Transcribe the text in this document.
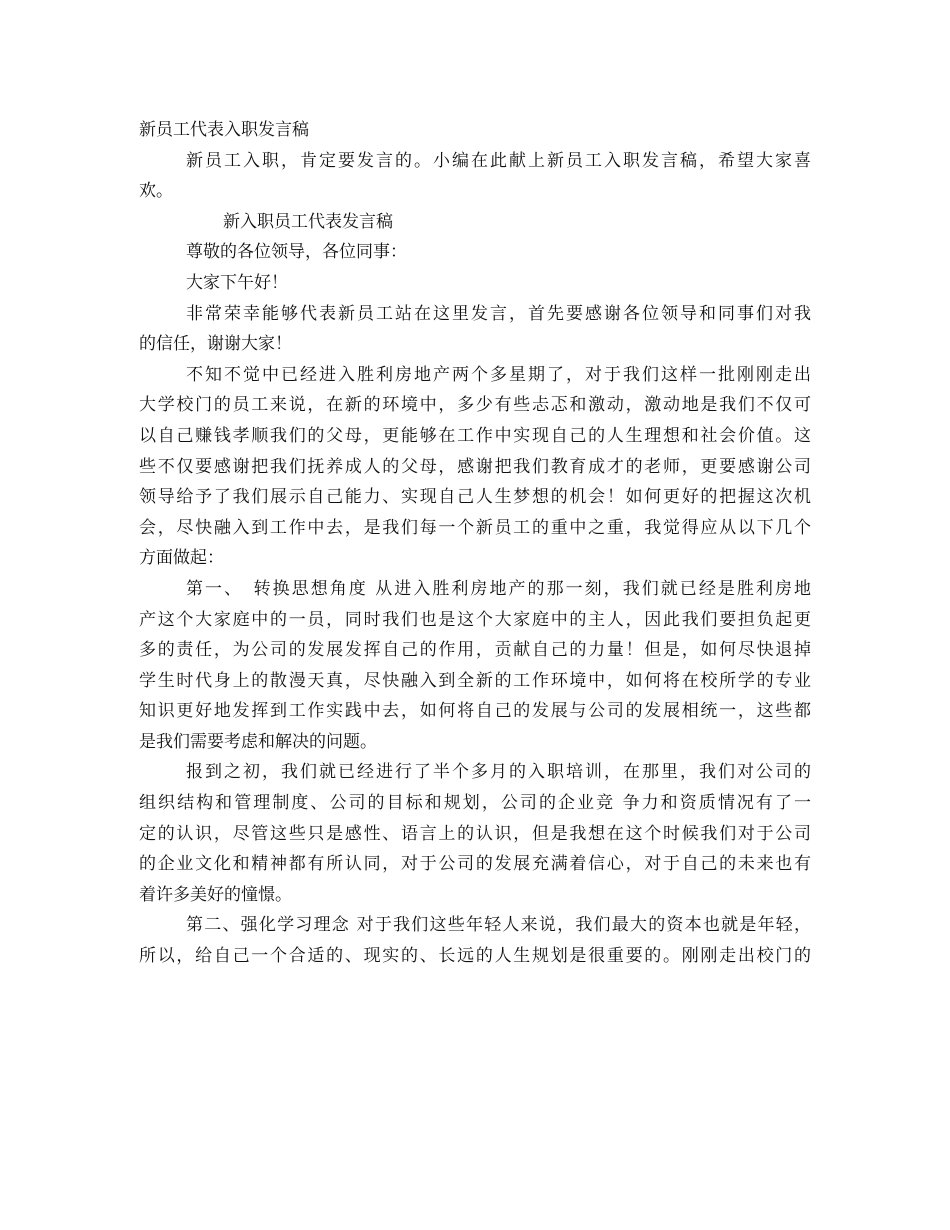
新员工代表入职发言稿
新员工入职，肯定要发言的。小编在此献上新员工入职发言稿，希望大家喜
欢。
新入职员工代表发言稿
尊敬的各位领导，各位同事：
大家下午好！
非常荣幸能够代表新员工站在这里发言，首先要感谢各位领导和同事们对我
的信任，谢谢大家！
不知不觉中已经进入胜利房地产两个多星期了，对于我们这样一批刚刚走出
大学校门的员工来说，在新的环境中，多少有些忐忑和激动，激动地是我们不仅可
以自己赚钱孝顺我们的父母，更能够在工作中实现自己的人生理想和社会价值。这
些不仅要感谢把我们抚养成人的父母，感谢把我们教育成才的老师，更要感谢公司
领导给予了我们展示自己能力、实现自己人生梦想的机会！如何更好的把握这次机
会，尽快融入到工作中去，是我们每一个新员工的重中之重，我觉得应从以下几个
方面做起：
第一、　转换思想角度 从进入胜利房地产的那一刻，我们就已经是胜利房地
产这个大家庭中的一员，同时我们也是这个大家庭中的主人，因此我们要担负起更
多的责任，为公司的发展发挥自己的作用，贡献自己的力量！但是，如何尽快退掉
学生时代身上的散漫天真，尽快融入到全新的工作环境中，如何将在校所学的专业
知识更好地发挥到工作实践中去，如何将自己的发展与公司的发展相统一，这些都
是我们需要考虑和解决的问题。
报到之初，我们就已经进行了半个多月的入职培训，在那里，我们对公司的
组织结构和管理制度、公司的目标和规划，公司的企业竞 争力和资质情况有了一
定的认识，尽管这些只是感性、语言上的认识，但是我想在这个时候我们对于公司
的企业文化和精神都有所认同，对于公司的发展充满着信心，对于自己的未来也有
着许多美好的憧憬。
第二、强化学习理念 对于我们这些年轻人来说，我们最大的资本也就是年轻，
所以，给自己一个合适的、现实的、长远的人生规划是很重要的。刚刚走出校门的
